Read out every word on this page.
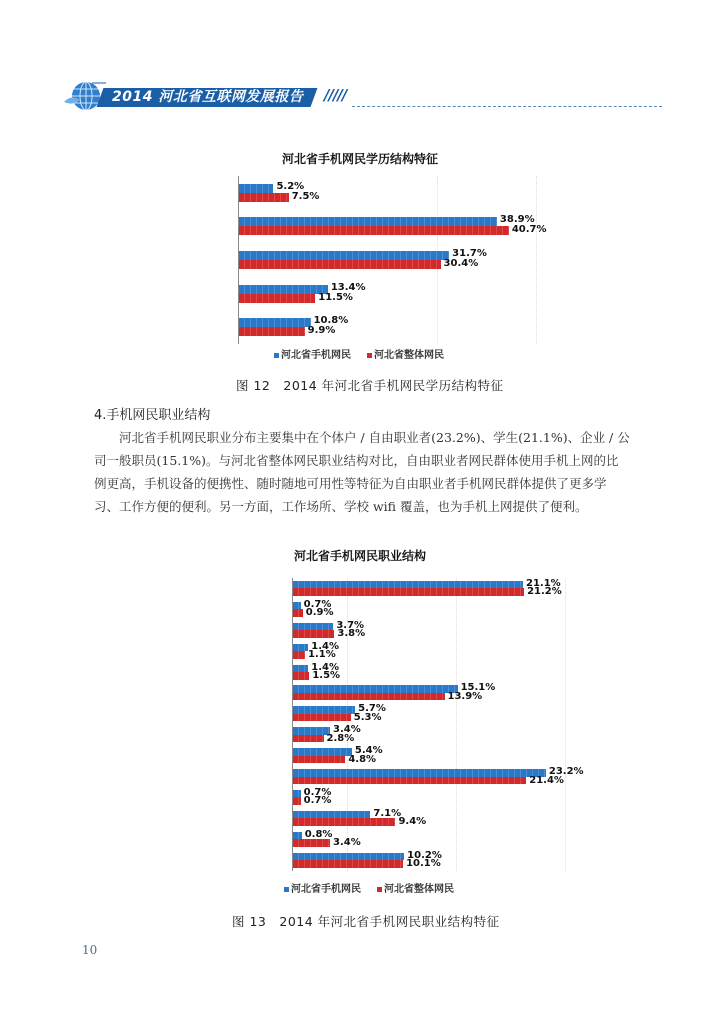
2014 河北省互联网发展报告 /////
河北省手机网民学历结构特征
5.2%
7.5%
38.9%
40.7%
31.7%
30.4%
13.4%
11.5%
10.8%
9.9%
河北省手机网民	河北省整体网民
图 12　2014 年河北省手机网民学历结构特征
4.手机网民职业结构
　　河北省手机网民职业分布主要集中在个体户 / 自由职业者(23.2%)、学生(21.1%)、企业 / 公
司一般职员(15.1%)。与河北省整体网民职业结构对比，自由职业者网民群体使用手机上网的比
例更高，手机设备的便携性、随时随地可用性等特征为自由职业者手机网民群体提供了更多学
习、工作方便的便利。另一方面，工作场所、学校 wifi 覆盖，也为手机上网提供了便利。
河北省手机网民职业结构
21.1%
21.2%
0.7%
0.9%
3.7%
3.8%
1.4%
1.1%
1.4%
1.5%
15.1%
13.9%
5.7%
5.3%
3.4%
2.8%
5.4%
4.8%
23.2%
21.4%
0.7%
0.7%
7.1%
9.4%
0.8%
3.4%
10.2%
10.1%
河北省手机网民	河北省整体网民
图 13　2014 年河北省手机网民职业结构特征
10
